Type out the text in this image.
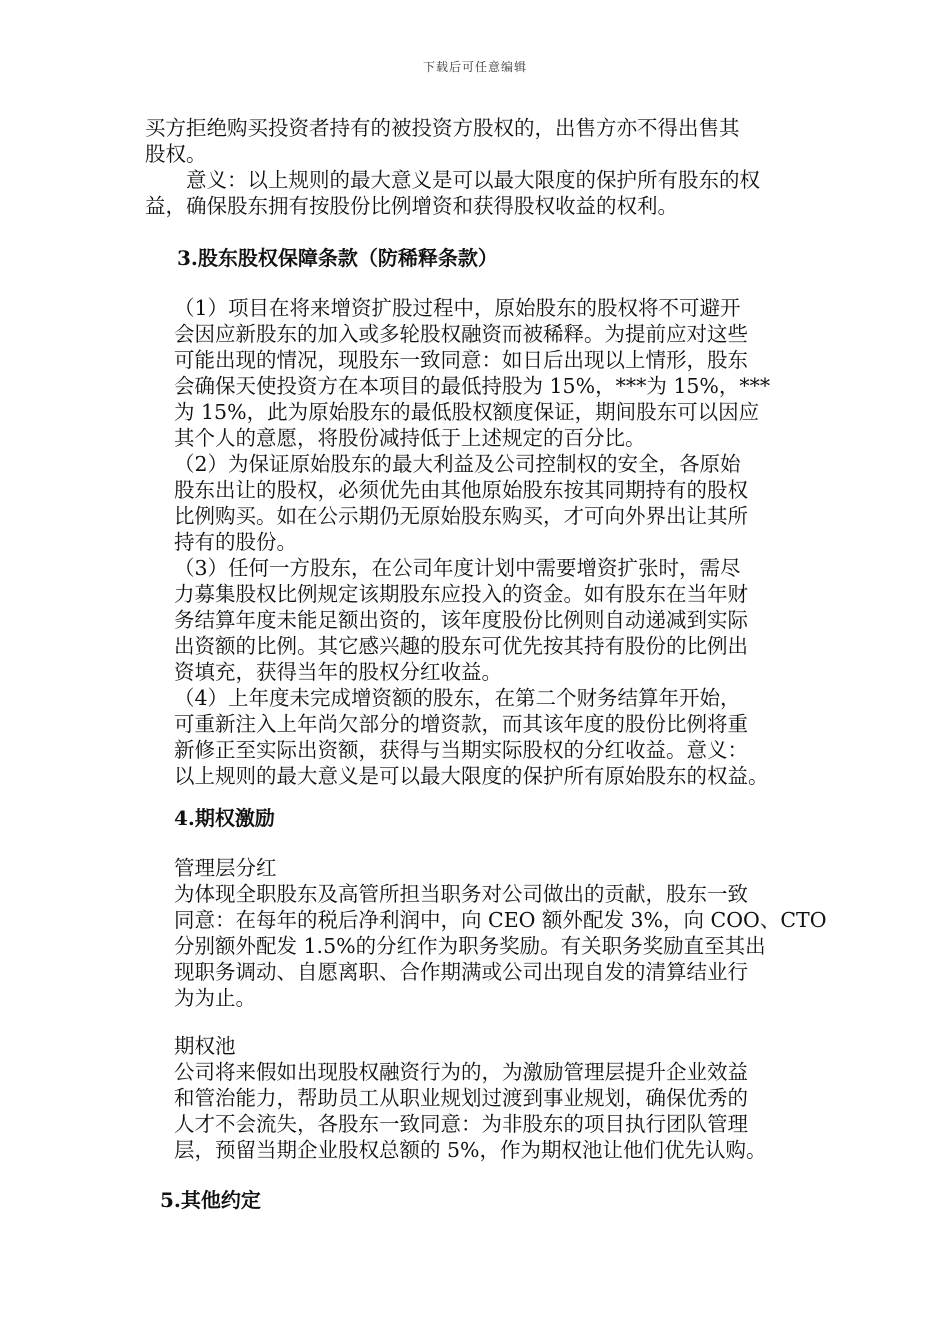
下载后可任意编辑
买方拒绝购买投资者持有的被投资方股权的，出售方亦不得出售其
股权。
　　意义：以上规则的最大意义是可以最大限度的保护所有股东的权
益，确保股东拥有按股份比例增资和获得股权收益的权利。
3.股东股权保障条款（防稀释条款）
（1）项目在将来增资扩股过程中，原始股东的股权将不可避开
会因应新股东的加入或多轮股权融资而被稀释。为提前应对这些
可能出现的情况，现股东一致同意：如日后出现以上情形，股东
会确保天使投资方在本项目的最低持股为 15%，***为 15%，***
为 15%，此为原始股东的最低股权额度保证，期间股东可以因应
其个人的意愿，将股份减持低于上述规定的百分比。
（2）为保证原始股东的最大利益及公司控制权的安全，各原始
股东出让的股权，必须优先由其他原始股东按其同期持有的股权
比例购买。如在公示期仍无原始股东购买，才可向外界出让其所
持有的股份。
（3）任何一方股东，在公司年度计划中需要增资扩张时，需尽
力募集股权比例规定该期股东应投入的资金。如有股东在当年财
务结算年度未能足额出资的，该年度股份比例则自动递减到实际
出资额的比例。其它感兴趣的股东可优先按其持有股份的比例出
资填充，获得当年的股权分红收益。
（4）上年度未完成增资额的股东，在第二个财务结算年开始，
可重新注入上年尚欠部分的增资款，而其该年度的股份比例将重
新修正至实际出资额，获得与当期实际股权的分红收益。意义：
以上规则的最大意义是可以最大限度的保护所有原始股东的权益。
4.期权激励
管理层分红
为体现全职股东及高管所担当职务对公司做出的贡献，股东一致
同意：在每年的税后净利润中，向 CEO 额外配发 3%，向 COO、CTO
分别额外配发 1.5%的分红作为职务奖励。有关职务奖励直至其出
现职务调动、自愿离职、合作期满或公司出现自发的清算结业行
为为止。
期权池
公司将来假如出现股权融资行为的，为激励管理层提升企业效益
和管治能力，帮助员工从职业规划过渡到事业规划，确保优秀的
人才不会流失，各股东一致同意：为非股东的项目执行团队管理
层，预留当期企业股权总额的 5%，作为期权池让他们优先认购。
5.其他约定
